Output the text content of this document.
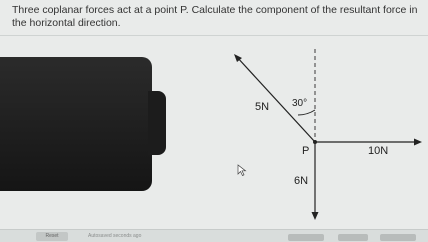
Three coplanar forces act at a point P. Calculate the component of the resultant force in the horizontal direction.
5N 30°
P	10N
6N
Reset	Autosaved seconds ago
